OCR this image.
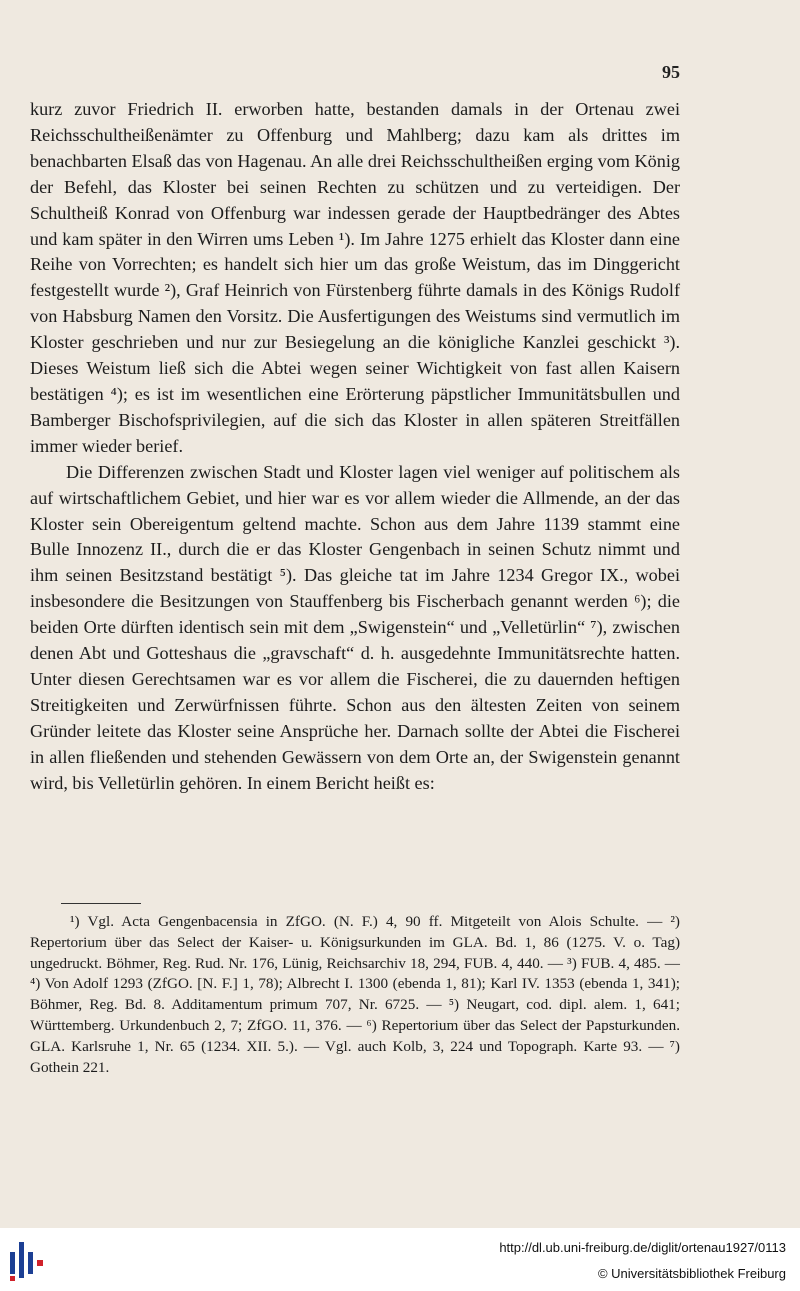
95

kurz zuvor Friedrich II. erworben hatte, bestanden damals in der Ortenau zwei Reichsschultheißenämter zu Offenburg und Mahlberg; dazu kam als drittes im benachbarten Elsaß das von Hagenau. An alle drei Reichsschultheißen erging vom König der Befehl, das Kloster bei seinen Rechten zu schützen und zu verteidigen. Der Schultheiß Konrad von Offenburg war indessen gerade der Hauptbedränger des Abtes und kam später in den Wirren ums Leben ¹). Im Jahre 1275 erhielt das Kloster dann eine Reihe von Vorrechten; es handelt sich hier um das große Weistum, das im Dinggericht festgestellt wurde ²), Graf Heinrich von Fürstenberg führte damals in des Königs Rudolf von Habsburg Namen den Vorsitz. Die Ausfertigungen des Weistums sind vermutlich im Kloster geschrieben und nur zur Besiegelung an die königliche Kanzlei geschickt ³). Dieses Weistum ließ sich die Abtei wegen seiner Wichtigkeit von fast allen Kaisern bestätigen ⁴); es ist im wesentlichen eine Erörterung päpstlicher Immunitätsbullen und Bamberger Bischofsprivilegien, auf die sich das Kloster in allen späteren Streitfällen immer wieder berief.

Die Differenzen zwischen Stadt und Kloster lagen viel weniger auf politischem als auf wirtschaftlichem Gebiet, und hier war es vor allem wieder die Allmende, an der das Kloster sein Obereigentum geltend machte. Schon aus dem Jahre 1139 stammt eine Bulle Innozenz II., durch die er das Kloster Gengenbach in seinen Schutz nimmt und ihm seinen Besitzstand bestätigt ⁵). Das gleiche tat im Jahre 1234 Gregor IX., wobei insbesondere die Besitzungen von Stauffenberg bis Fischerbach genannt werden ⁶); die beiden Orte dürften identisch sein mit dem „Swigenstein“ und „Velletürlin“ ⁷), zwischen denen Abt und Gotteshaus die „gravschaft“ d. h. ausgedehnte Immunitätsrechte hatten. Unter diesen Gerechtsamen war es vor allem die Fischerei, die zu dauernden heftigen Streitigkeiten und Zerwürfnissen führte. Schon aus den ältesten Zeiten von seinem Gründer leitete das Kloster seine Ansprüche her. Darnach sollte der Abtei die Fischerei in allen fließenden und stehenden Gewässern von dem Orte an, der Swigenstein genannt wird, bis Velletürlin gehören. In einem Bericht heißt es:

¹) Vgl. Acta Gengenbacensia in ZfGO. (N. F.) 4, 90 ff. Mitgeteilt von Alois Schulte. — ²) Repertorium über das Select der Kaiser- u. Königsurkunden im GLA. Bd. 1, 86 (1275. V. o. Tag) ungedruckt. Böhmer, Reg. Rud. Nr. 176, Lünig, Reichsarchiv 18, 294, FUB. 4, 440. — ³) FUB. 4, 485. — ⁴) Von Adolf 1293 (ZfGO. [N. F.] 1, 78); Albrecht I. 1300 (ebenda 1, 81); Karl IV. 1353 (ebenda 1, 341); Böhmer, Reg. Bd. 8. Additamentum primum 707, Nr. 6725. — ⁵) Neugart, cod. dipl. alem. 1, 641; Württemberg. Urkundenbuch 2, 7; ZfGO. 11, 376. — ⁶) Repertorium über das Select der Papsturkunden. GLA. Karlsruhe 1, Nr. 65 (1234. XII. 5.). — Vgl. auch Kolb, 3, 224 und Topograph. Karte 93. — ⁷) Gothein 221.
http://dl.ub.uni-freiburg.de/diglit/ortenau1927/0113
© Universitätsbibliothek Freiburg
